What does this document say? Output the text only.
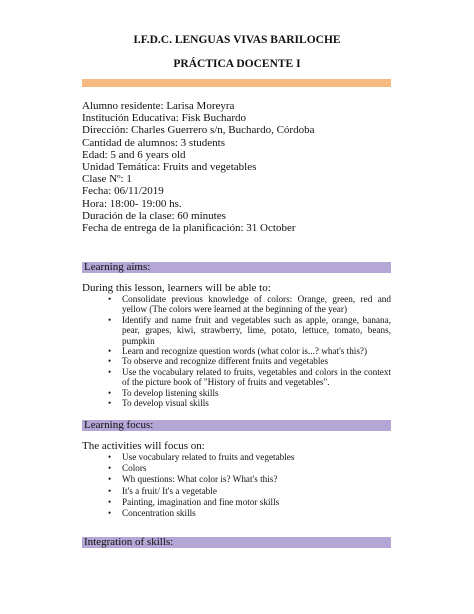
I.F.D.C. LENGUAS VIVAS BARILOCHE
PRÁCTICA DOCENTE I
Alumno residente: Larisa Moreyra
Institución Educativa: Fisk Buchardo
Dirección: Charles Guerrero s/n, Buchardo, Córdoba
Cantidad de alumnos: 3 students
Edad: 5 and 6 years old
Unidad Temática: Fruits and vegetables
Clase Nº: 1
Fecha: 06/11/2019
Hora: 18:00- 19:00 hs.
Duración de la clase: 60 minutes
Fecha de entrega de la planificación: 31 October
Learning aims:
During this lesson, learners will be able to:
• Consolidate previous knowledge of colors: Orange, green, red and yellow (The colors were learned at the beginning of the year)
• Identify and name fruit and vegetables such as apple, orange, banana, pear, grapes, kiwi, strawberry, lime, potato, lettuce, tomato, beans, pumpkin
• Learn and recognize question words (what color is...? what's this?)
• To observe and recognize different fruits and vegetables
• Use the vocabulary related to fruits, vegetables and colors in the context of the picture book of "History of fruits and vegetables".
• To develop listening skills
• To develop visual skills
Learning focus:
The activities will focus on:
• Use vocabulary related to fruits and vegetables
• Colors
• Wh questions: What color is? What's this?
• It's a fruit/ It's a vegetable
• Painting, imagination and fine motor skills
• Concentration skills
Integration of skills:
